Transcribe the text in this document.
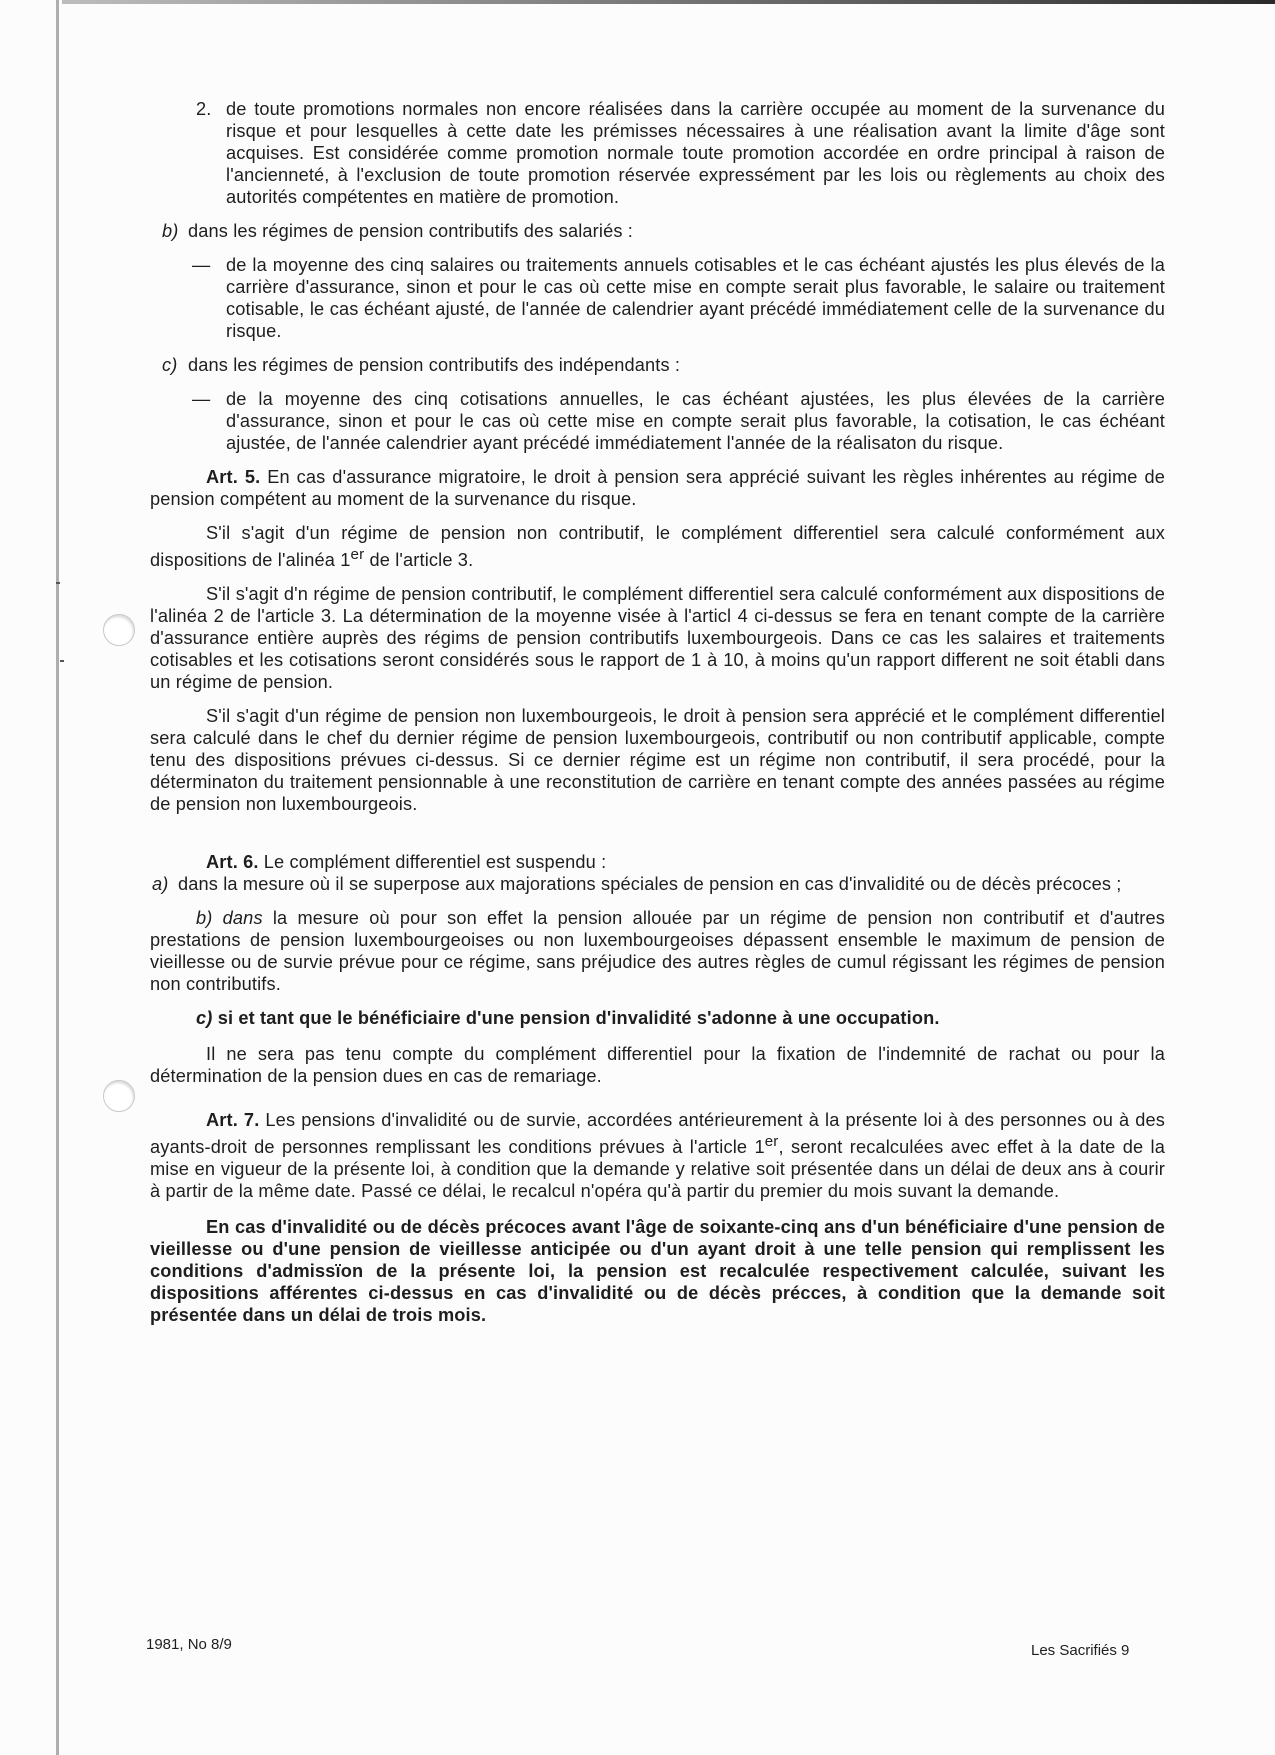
2. de toute promotions normales non encore réalisées dans la carrière occupée au moment de la survenance du risque et pour lesquelles à cette date les prémisses nécessaires à une réalisation avant la limite d'âge sont acquises. Est considérée comme promotion normale toute promotion accordée en ordre principal à raison de l'ancienneté, à l'exclusion de toute promotion réservée expressément par les lois ou règlements au choix des autorités compétentes en matière de promotion.
b) dans les régimes de pension contributifs des salariés :
— de la moyenne des cinq salaires ou traitements annuels cotisables et le cas échéant ajustés les plus élevés de la carrière d'assurance, sinon et pour le cas où cette mise en compte serait plus favorable, le salaire ou traitement cotisable, le cas échéant ajusté, de l'année de calendrier ayant précédé immédiatement celle de la survenance du risque.
c) dans les régimes de pension contributifs des indépendants :
— de la moyenne des cinq cotisations annuelles, le cas échéant ajustées, les plus élevées de la carrière d'assurance, sinon et pour le cas où cette mise en compte serait plus favorable, la cotisation, le cas échéant ajustée, de l'année calendrier ayant précédé immédiatement l'année de la réalisaton du risque.

Art. 5. En cas d'assurance migratoire, le droit à pension sera apprécié suivant les règles inhérentes au régime de pension compétent au moment de la survenance du risque.

S'il s'agit d'un régime de pension non contributif, le complément differentiel sera calculé conformément aux dispositions de l'alinéa 1er de l'article 3.

S'il s'agit d'n régime de pension contributif, le complément differentiel sera calculé conformément aux dispositions de l'alinéa 2 de l'article 3. La détermination de la moyenne visée à l'articl 4 ci-dessus se fera en tenant compte de la carrière d'assurance entière auprès des régims de pension contributifs luxembourgeois. Dans ce cas les salaires et traitements cotisables et les cotisations seront considérés sous le rapport de 1 à 10, à moins qu'un rapport different ne soit établi dans un régime de pension.

S'il s'agit d'un régime de pension non luxembourgeois, le droit à pension sera apprécié et le complément differentiel sera calculé dans le chef du dernier régime de pension luxembourgeois, contributif ou non contributif applicable, compte tenu des dispositions prévues ci-dessus. Si ce dernier régime est un régime non contributif, il sera procédé, pour la déterminaton du traitement pensionnable à une reconstitution de carrière en tenant compte des années passées au régime de pension non luxembourgeois.

Art. 6. Le complément differentiel est suspendu :

a) dans la mesure où il se superpose aux majorations spéciales de pension en cas d'invalidité ou de décès précoces ;

b) dans la mesure où pour son effet la pension allouée par un régime de pension non contributif et d'autres prestations de pension luxembourgeoises ou non luxembourgeoises dépassent ensemble le maximum de pension de vieillesse ou de survie prévue pour ce régime, sans préjudice des autres règles de cumul régissant les régimes de pension non contributifs.

c) si et tant que le bénéficiaire d'une pension d'invalidité s'adonne à une occupation.

Il ne sera pas tenu compte du complément differentiel pour la fixation de l'indemnité de rachat ou pour la détermination de la pension dues en cas de remariage.

Art. 7. Les pensions d'invalidité ou de survie, accordées antérieurement à la présente loi à des personnes ou à des ayants-droit de personnes remplissant les conditions prévues à l'article 1er, seront recalculées avec effet à la date de la mise en vigueur de la présente loi, à condition que la demande y relative soit présentée dans un délai de deux ans à courir à partir de la même date. Passé ce délai, le recalcul n'opéra qu'à partir du premier du mois suvant la demande.

En cas d'invalidité ou de décès précoces avant l'âge de soixante-cinq ans d'un bénéficiaire d'une pension de vieillesse ou d'une pension de vieillesse anticipée ou d'un ayant droit à une telle pension qui remplissent les conditions d'admissïon de la présente loi, la pension est recalculée respectivement calculée, suivant les dispositions afférentes ci-dessus en cas d'invalidité ou de décès précces, à condition que la demande soit présentée dans un délai de trois mois.

1981, No 8/9	Les Sacrifiés 9
